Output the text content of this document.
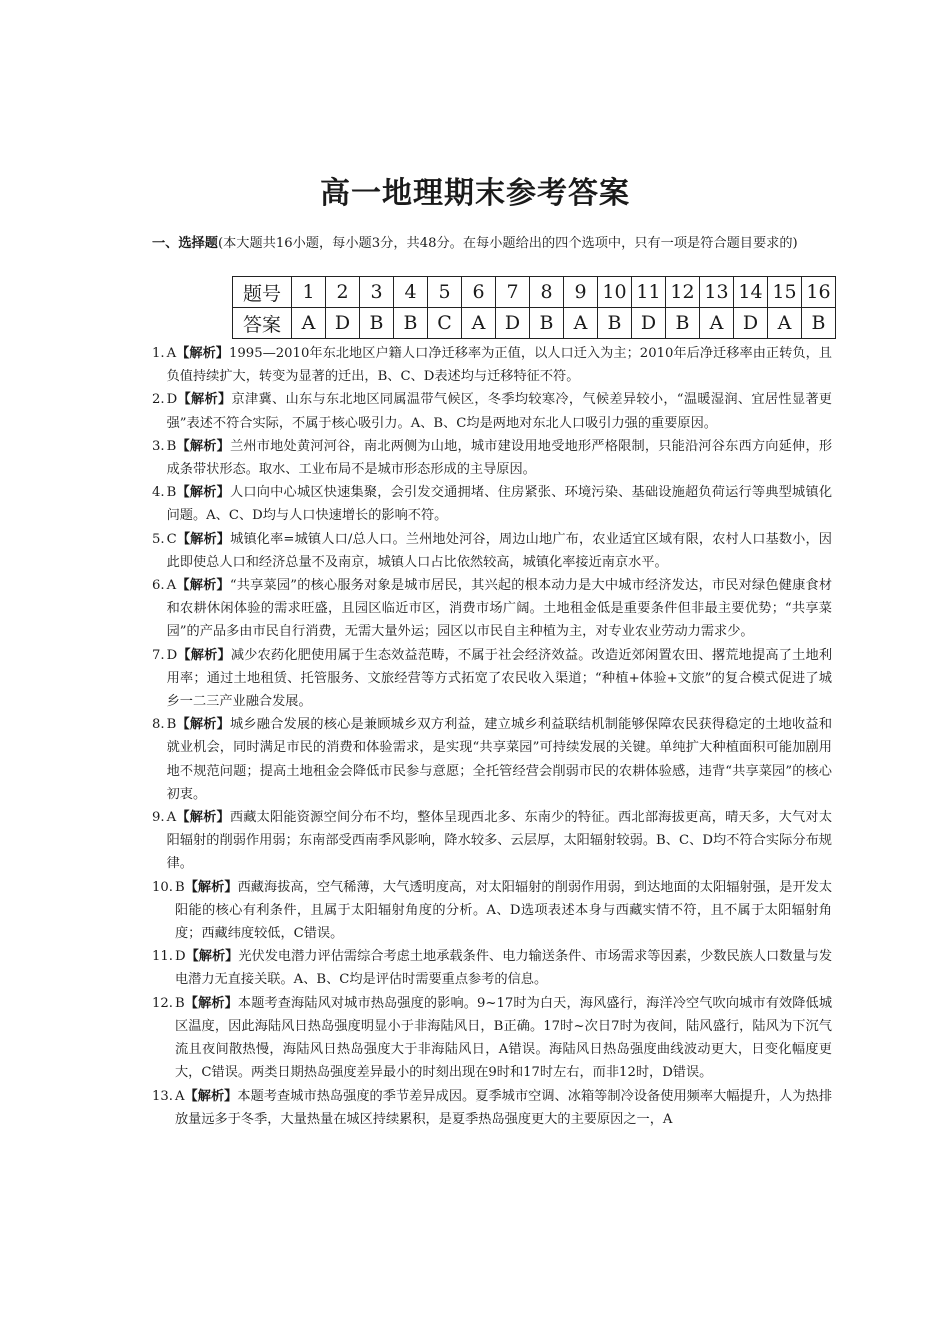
高一地理期末参考答案
一、选择题(本大题共16小题，每小题3分，共48分。在每小题给出的四个选项中，只有一项是符合题目要求的)
题号	1	2	3	4	5	6	7	8	9	10	11	12	13	14	15	16
答案	A	D	B	B	C	A	D	B	A	B	D	B	A	D	A	B
1. A【解析】1995—2010年东北地区户籍人口净迁移率为正值，以人口迁入为主；2010年后净迁移率由正转负，且负值持续扩大，转变为显著的迁出，B、C、D表述均与迁移特征不符。
2. D【解析】京津冀、山东与东北地区同属温带气候区，冬季均较寒冷，气候差异较小，“温暖湿润、宜居性显著更强”表述不符合实际，不属于核心吸引力。A、B、C均是两地对东北人口吸引力强的重要原因。
3. B【解析】兰州市地处黄河河谷，南北两侧为山地，城市建设用地受地形严格限制，只能沿河谷东西方向延伸，形成条带状形态。取水、工业布局不是城市形态形成的主导原因。
4. B【解析】人口向中心城区快速集聚，会引发交通拥堵、住房紧张、环境污染、基础设施超负荷运行等典型城镇化问题。A、C、D均与人口快速增长的影响不符。
5. C【解析】城镇化率=城镇人口/总人口。兰州地处河谷，周边山地广布，农业适宜区域有限，农村人口基数小，因此即使总人口和经济总量不及南京，城镇人口占比依然较高，城镇化率接近南京水平。
6. A【解析】“共享菜园”的核心服务对象是城市居民，其兴起的根本动力是大中城市经济发达，市民对绿色健康食材和农耕休闲体验的需求旺盛，且园区临近市区，消费市场广阔。土地租金低是重要条件但非最主要优势；“共享菜园”的产品多由市民自行消费，无需大量外运；园区以市民自主种植为主，对专业农业劳动力需求少。
7. D【解析】减少农药化肥使用属于生态效益范畴，不属于社会经济效益。改造近郊闲置农田、撂荒地提高了土地利用率；通过土地租赁、托管服务、文旅经营等方式拓宽了农民收入渠道；“种植+体验+文旅”的复合模式促进了城乡一二三产业融合发展。
8. B【解析】城乡融合发展的核心是兼顾城乡双方利益，建立城乡利益联结机制能够保障农民获得稳定的土地收益和就业机会，同时满足市民的消费和体验需求，是实现“共享菜园”可持续发展的关键。单纯扩大种植面积可能加剧用地不规范问题；提高土地租金会降低市民参与意愿；全托管经营会削弱市民的农耕体验感，违背“共享菜园”的核心初衷。
9. A【解析】西藏太阳能资源空间分布不均，整体呈现西北多、东南少的特征。西北部海拔更高，晴天多，大气对太阳辐射的削弱作用弱；东南部受西南季风影响，降水较多、云层厚，太阳辐射较弱。B、C、D均不符合实际分布规律。
10. B【解析】西藏海拔高，空气稀薄，大气透明度高，对太阳辐射的削弱作用弱，到达地面的太阳辐射强，是开发太阳能的核心有利条件，且属于太阳辐射角度的分析。A、D选项表述本身与西藏实情不符，且不属于太阳辐射角度；西藏纬度较低，C错误。
11. D【解析】光伏发电潜力评估需综合考虑土地承载条件、电力输送条件、市场需求等因素，少数民族人口数量与发电潜力无直接关联。A、B、C均是评估时需要重点参考的信息。
12. B【解析】本题考查海陆风对城市热岛强度的影响。9~17时为白天，海风盛行，海洋冷空气吹向城市有效降低城区温度，因此海陆风日热岛强度明显小于非海陆风日，B正确。17时~次日7时为夜间，陆风盛行，陆风为下沉气流且夜间散热慢，海陆风日热岛强度大于非海陆风日，A错误。海陆风日热岛强度曲线波动更大，日变化幅度更大，C错误。两类日期热岛强度差异最小的时刻出现在9时和17时左右，而非12时，D错误。
13. A【解析】本题考查城市热岛强度的季节差异成因。夏季城市空调、冰箱等制冷设备使用频率大幅提升，人为热排放量远多于冬季，大量热量在城区持续累积，是夏季热岛强度更大的主要原因之一，A
